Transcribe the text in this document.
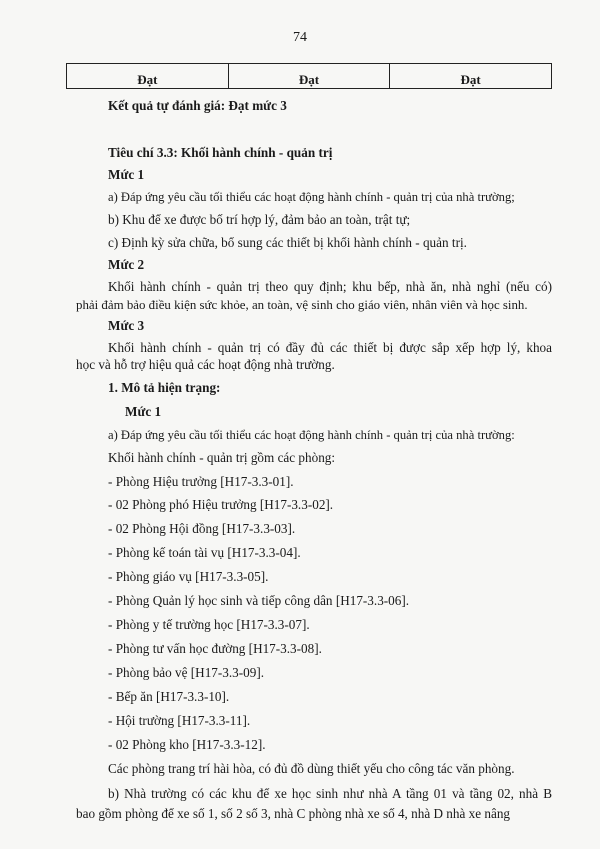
74
Đạt	Đạt	Đạt
Kết quả tự đánh giá: Đạt mức 3
Tiêu chí 3.3: Khối hành chính - quản trị
Mức 1
a) Đáp ứng yêu cầu tối thiểu các hoạt động hành chính - quản trị của nhà trường;
b) Khu để xe được bố trí hợp lý, đảm bảo an toàn, trật tự;
c) Định kỳ sửa chữa, bổ sung các thiết bị khối hành chính - quản trị.
Mức 2
Khối hành chính - quản trị theo quy định; khu bếp, nhà ăn, nhà nghỉ (nếu có)
phải đảm bảo điều kiện sức khỏe, an toàn, vệ sinh cho giáo viên, nhân viên và học sinh.
Mức 3
Khối hành chính - quản trị có đầy đủ các thiết bị được sắp xếp hợp lý, khoa
học và hỗ trợ hiệu quả các hoạt động nhà trường.
1. Mô tả hiện trạng:
Mức 1
a) Đáp ứng yêu cầu tối thiểu các hoạt động hành chính - quản trị của nhà trường:
Khối hành chính - quản trị gồm các phòng:
- Phòng Hiệu trưởng [H17-3.3-01].
- 02 Phòng phó Hiệu trưởng [H17-3.3-02].
- 02 Phòng Hội đồng [H17-3.3-03].
- Phòng kế toán tài vụ [H17-3.3-04].
- Phòng giáo vụ [H17-3.3-05].
- Phòng Quản lý học sinh và tiếp công dân [H17-3.3-06].
- Phòng y tế trường học [H17-3.3-07].
- Phòng tư vấn học đường [H17-3.3-08].
- Phòng bảo vệ [H17-3.3-09].
- Bếp ăn [H17-3.3-10].
- Hội trường [H17-3.3-11].
- 02 Phòng kho [H17-3.3-12].
Các phòng trang trí hài hòa, có đủ đồ dùng thiết yếu cho công tác văn phòng.
b) Nhà trường có các khu để xe học sinh như nhà A tầng 01 và tầng 02, nhà B
bao gồm phòng để xe số 1, số 2 số 3, nhà C phòng nhà xe số 4, nhà D nhà xe nâng
